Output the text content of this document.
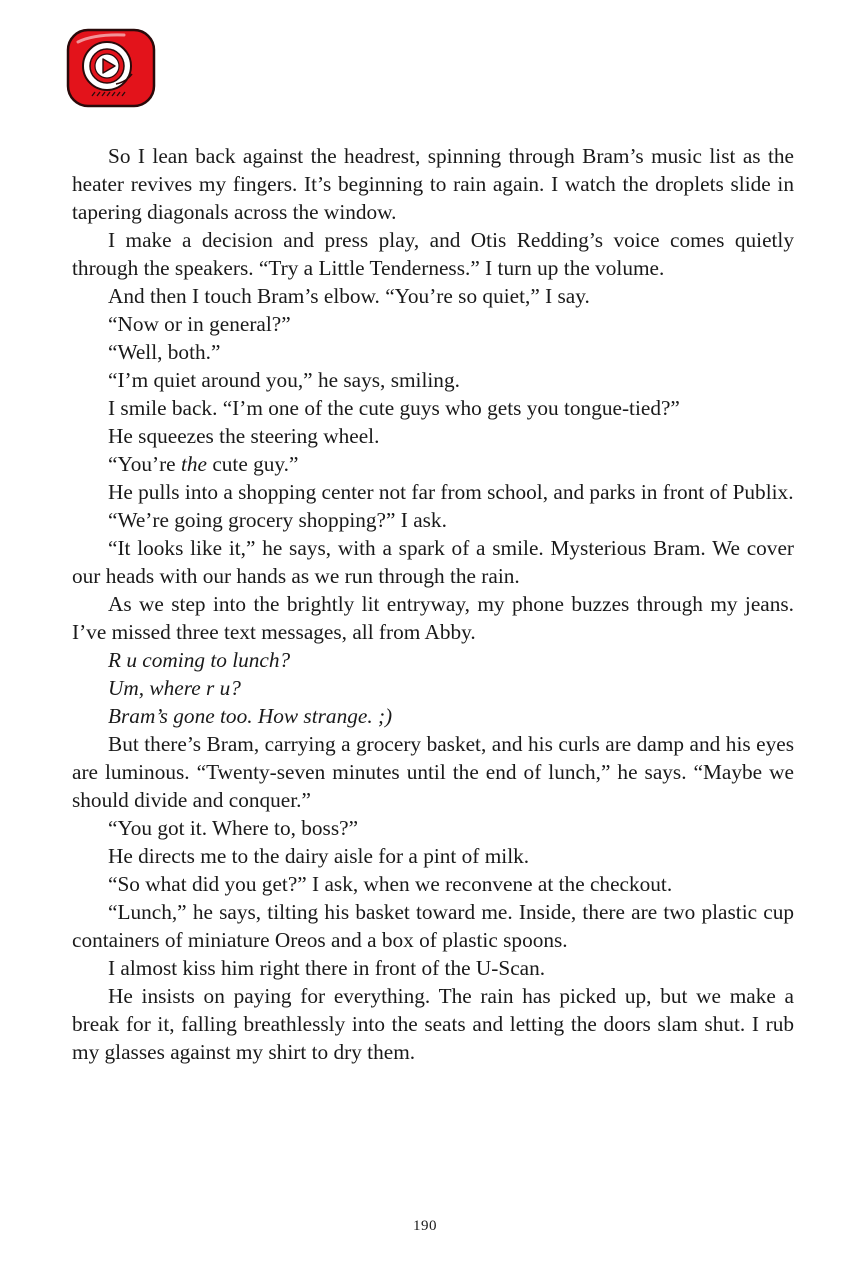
So I lean back against the headrest, spinning through Bram’s music list as the heater revives my fingers. It’s beginning to rain again. I watch the droplets slide in tapering diagonals across the window.

I make a decision and press play, and Otis Redding’s voice comes quietly through the speakers. “Try a Little Tenderness.” I turn up the volume.

And then I touch Bram’s elbow. “You’re so quiet,” I say.

“Now or in general?”

“Well, both.”

“I’m quiet around you,” he says, smiling.

I smile back. “I’m one of the cute guys who gets you tongue-tied?”

He squeezes the steering wheel.

“You’re the cute guy.”

He pulls into a shopping center not far from school, and parks in front of Publix.

“We’re going grocery shopping?” I ask.

“It looks like it,” he says, with a spark of a smile. Mysterious Bram. We cover our heads with our hands as we run through the rain.

As we step into the brightly lit entryway, my phone buzzes through my jeans. I’ve missed three text messages, all from Abby.

R u coming to lunch?

Um, where r u?

Bram’s gone too. How strange. ;)

But there’s Bram, carrying a grocery basket, and his curls are damp and his eyes are luminous. “Twenty-seven minutes until the end of lunch,” he says. “Maybe we should divide and conquer.”

“You got it. Where to, boss?”

He directs me to the dairy aisle for a pint of milk.

“So what did you get?” I ask, when we reconvene at the checkout.

“Lunch,” he says, tilting his basket toward me. Inside, there are two plastic cup containers of miniature Oreos and a box of plastic spoons.

I almost kiss him right there in front of the U-Scan.

He insists on paying for everything. The rain has picked up, but we make a break for it, falling breathlessly into the seats and letting the doors slam shut. I rub my glasses against my shirt to dry them.

190
